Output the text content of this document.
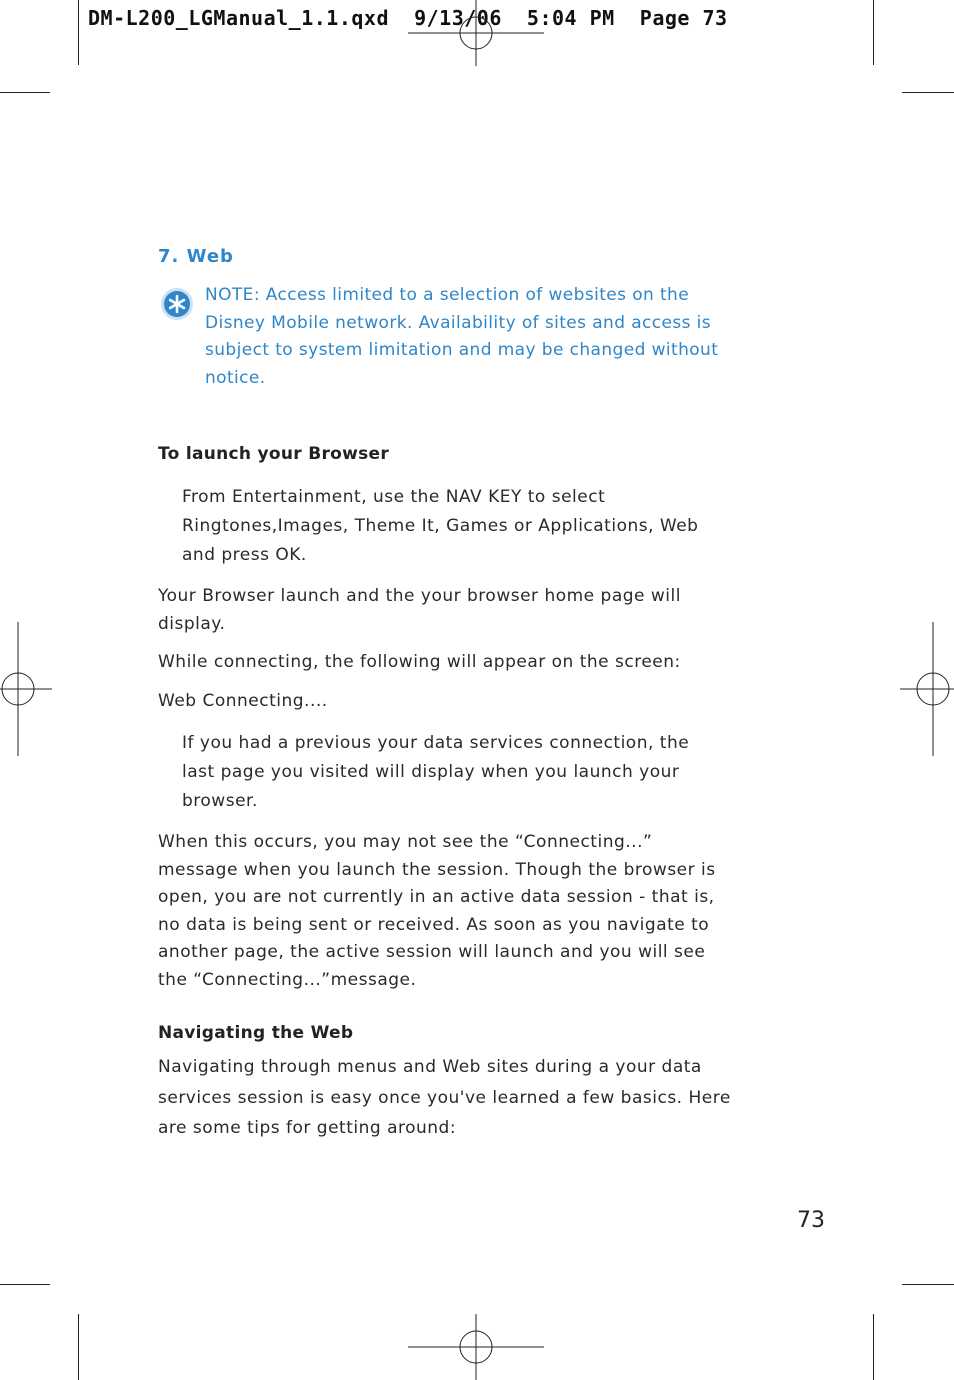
DM-L200_LGManual_1.1.qxd  9/13/06  5:04 PM  Page 73
7. Web
NOTE: Access limited to a selection of websites on the Disney Mobile network. Availability of sites and access is subject to system limitation and may be changed without notice.
To launch your Browser
From Entertainment, use the NAV KEY to select Ringtones,Images, Theme It, Games or Applications, Web and press OK.
Your Browser launch and the your browser home page will display.
While connecting, the following will appear on the screen:
Web Connecting....
If you had a previous your data services connection, the last page you visited will display when you launch your browser.
When this occurs, you may not see the “Connecting...” message when you launch the session. Though the browser is open, you are not currently in an active data session - that is, no data is being sent or received. As soon as you navigate to another page, the active session will launch and you will see the “Connecting...”message.
Navigating the Web
Navigating through menus and Web sites during a your data services session is easy once you've learned a few basics. Here are some tips for getting around:
73
